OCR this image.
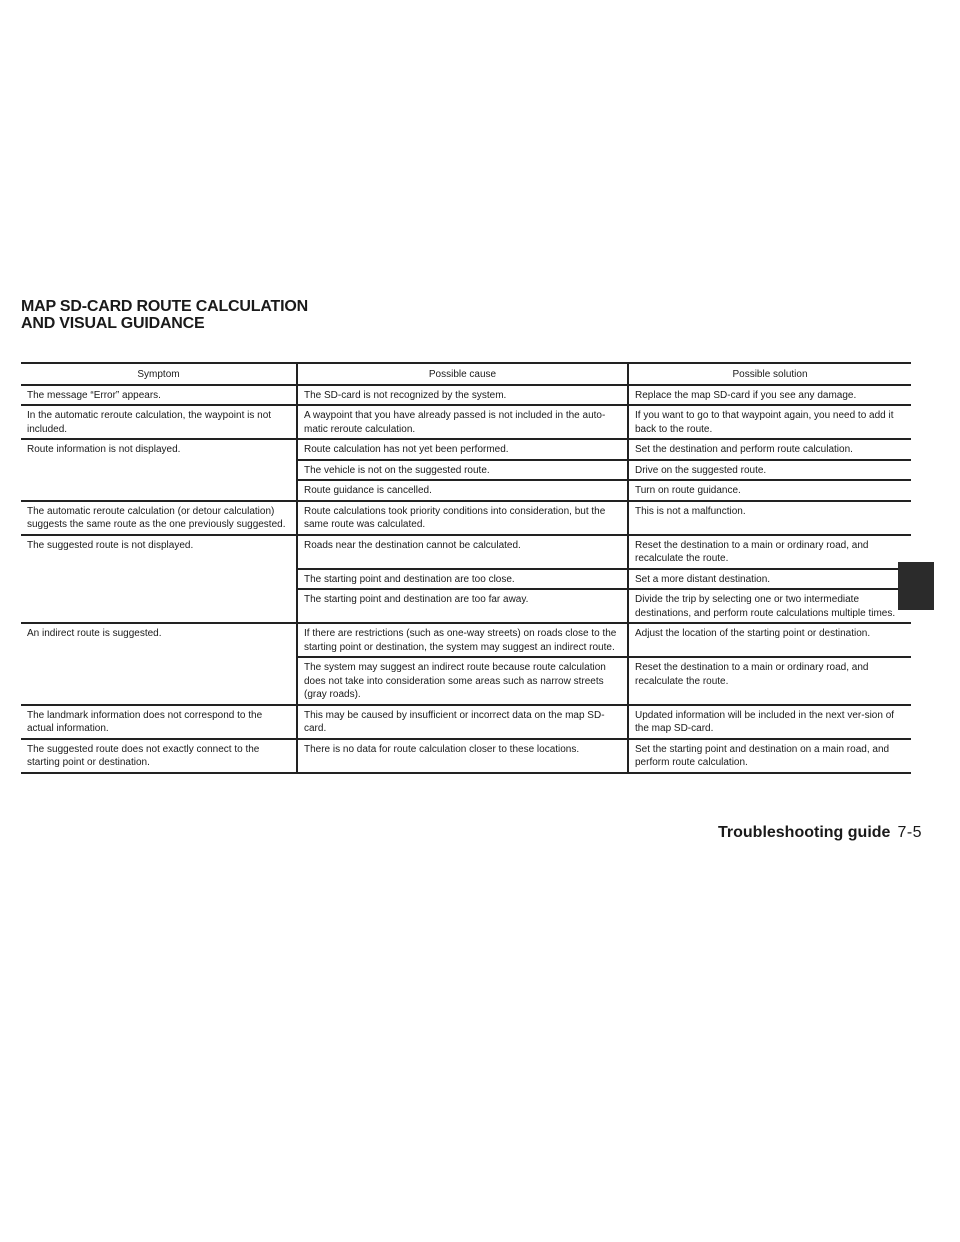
MAP SD-CARD ROUTE CALCULATION
AND VISUAL GUIDANCE
Symptom	Possible cause	Possible solution
The message “Error” appears.	The SD-card is not recognized by the system.	Replace the map SD-card if you see any damage.
In the automatic reroute calculation, the waypoint is not included.	A waypoint that you have already passed is not included in the auto-matic reroute calculation.	If you want to go to that waypoint again, you need to add it back to the route.
Route information is not displayed.	Route calculation has not yet been performed.	Set the destination and perform route calculation.
	The vehicle is not on the suggested route.	Drive on the suggested route.
	Route guidance is cancelled.	Turn on route guidance.
The automatic reroute calculation (or detour calculation) suggests the same route as the one previously suggested.	Route calculations took priority conditions into consideration, but the same route was calculated.	This is not a malfunction.
The suggested route is not displayed.	Roads near the destination cannot be calculated.	Reset the destination to a main or ordinary road, and recalculate the route.
	The starting point and destination are too close.	Set a more distant destination.
	The starting point and destination are too far away.	Divide the trip by selecting one or two intermediate destinations, and perform route calculations multiple times.
An indirect route is suggested.	If there are restrictions (such as one-way streets) on roads close to the starting point or destination, the system may suggest an indirect route.	Adjust the location of the starting point or destination.
	The system may suggest an indirect route because route calculation does not take into consideration some areas such as narrow streets (gray roads).	Reset the destination to a main or ordinary road, and recalculate the route.
The landmark information does not correspond to the actual information.	This may be caused by insufficient or incorrect data on the map SD-card.	Updated information will be included in the next ver-sion of the map SD-card.
The suggested route does not exactly connect to the starting point or destination.	There is no data for route calculation closer to these locations.	Set the starting point and destination on a main road, and perform route calculation.
Troubleshooting guide 7-5
